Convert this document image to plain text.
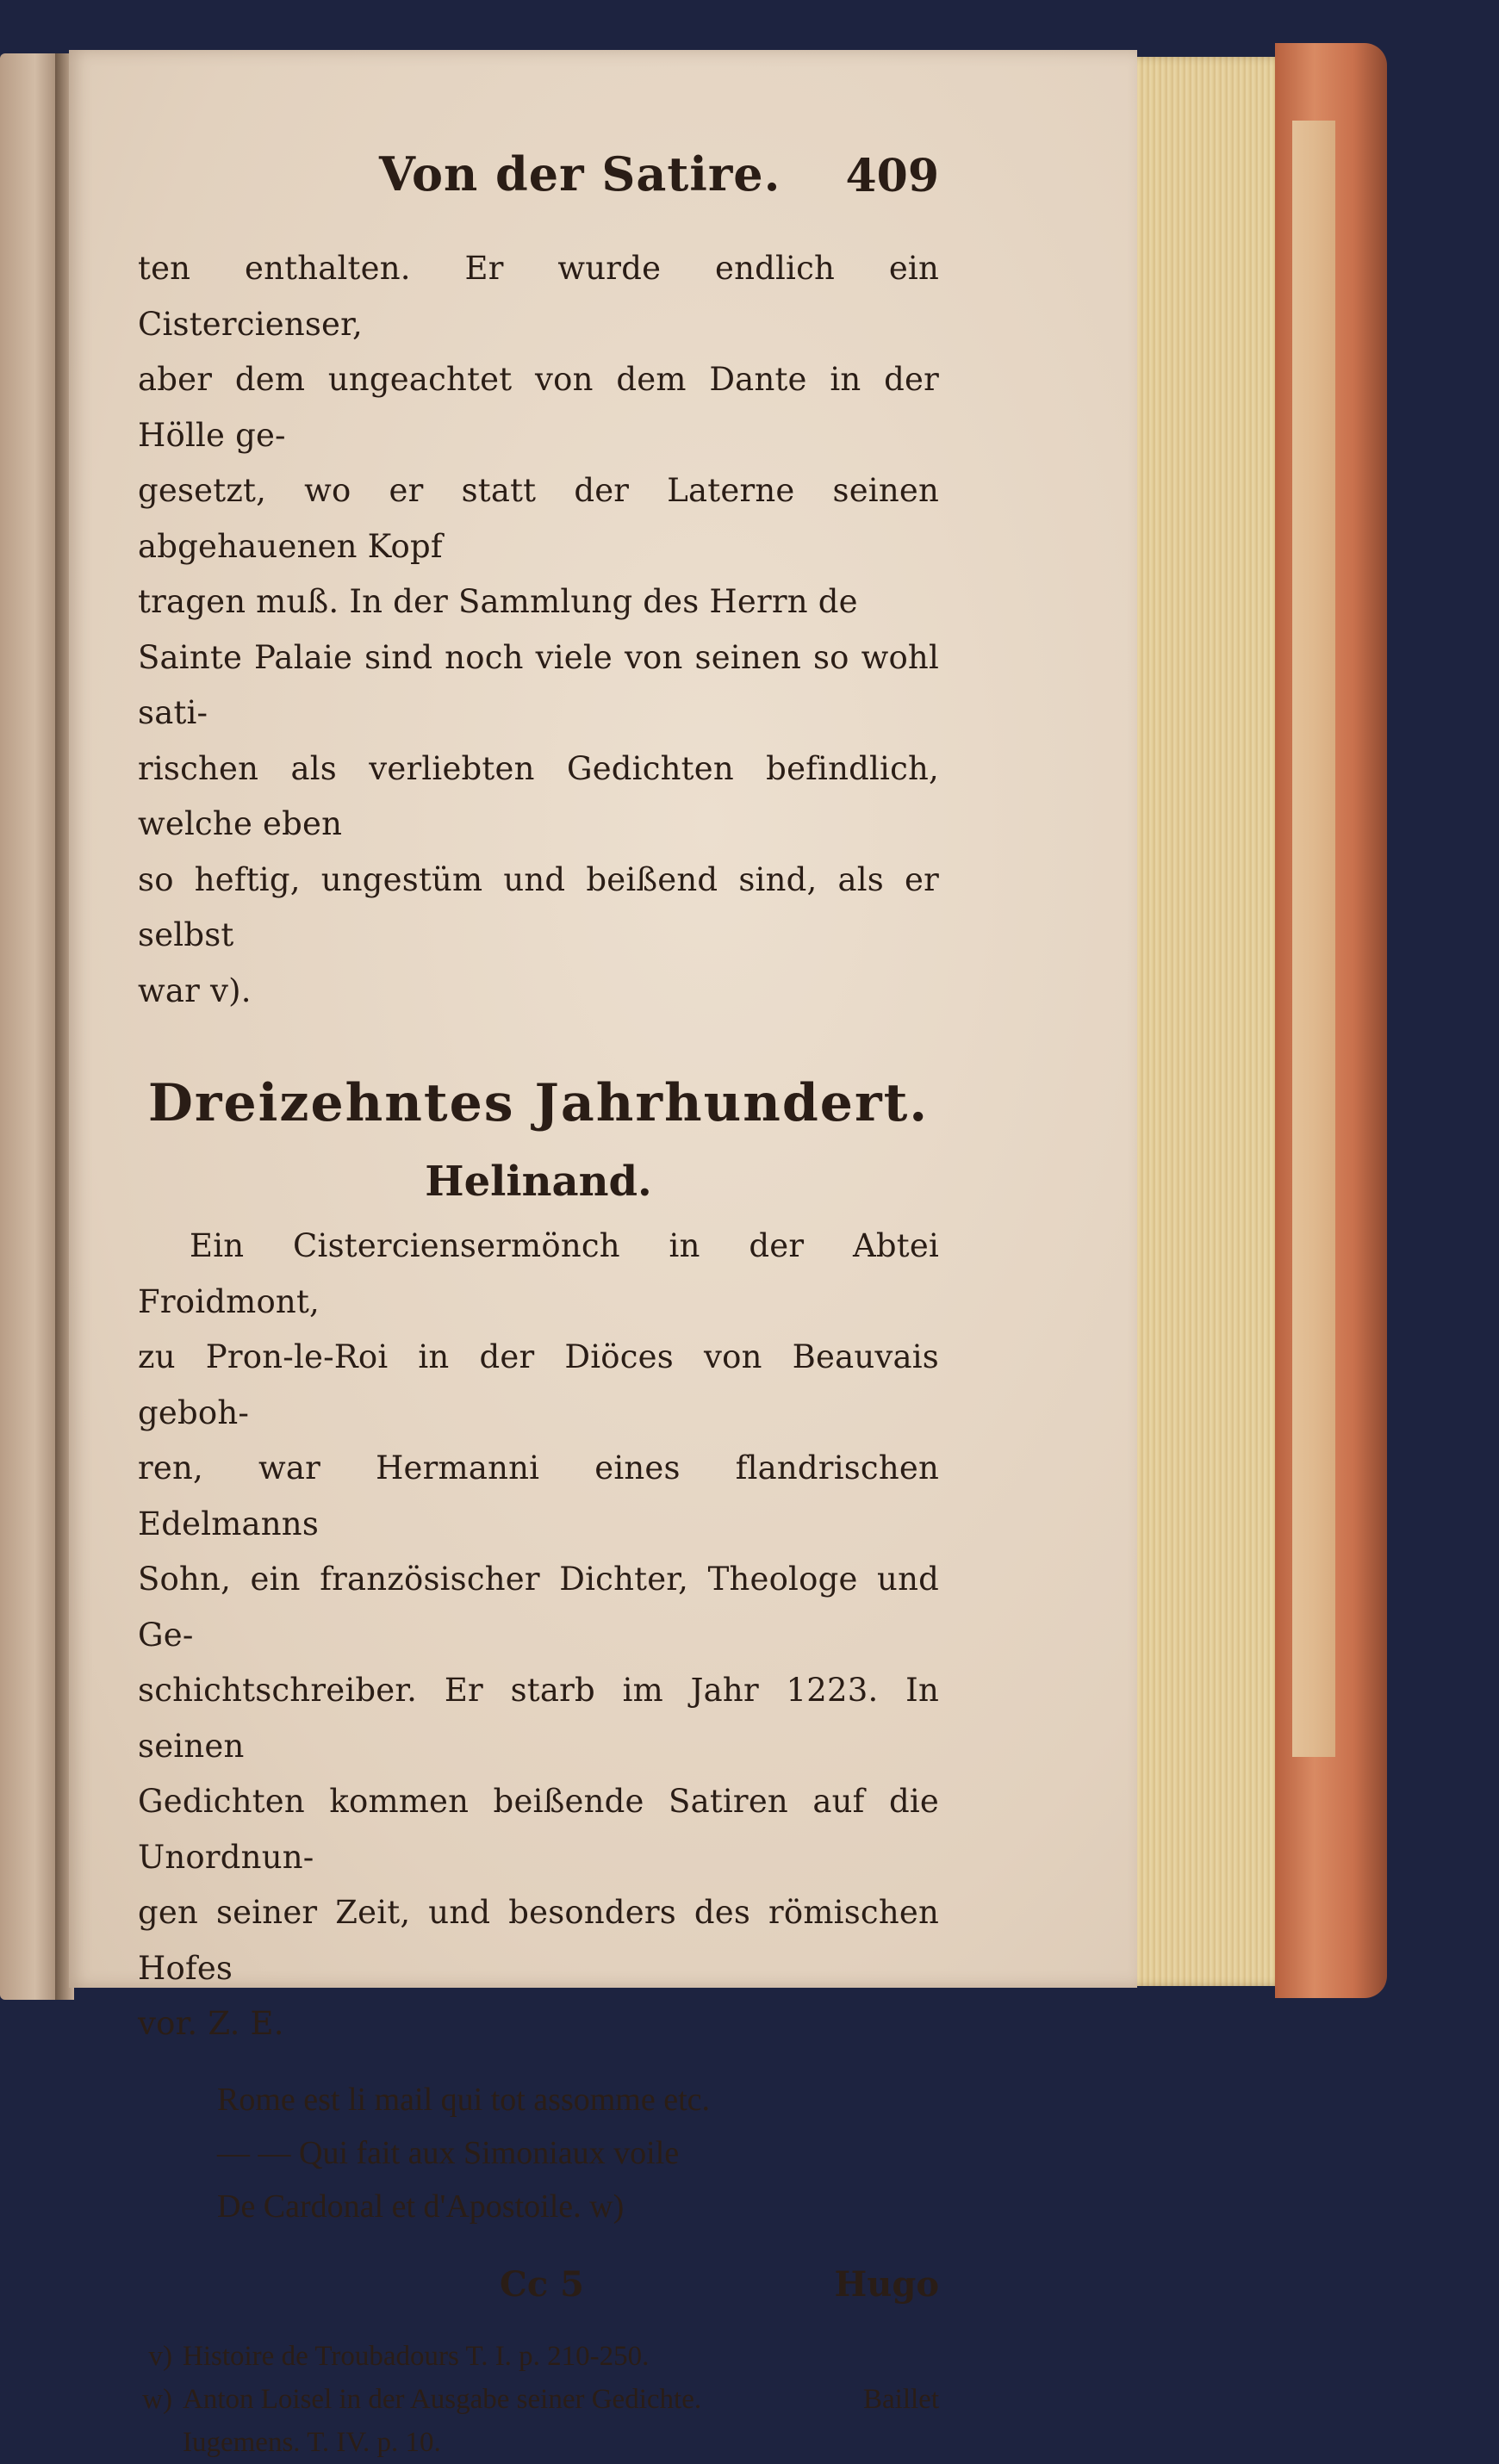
Von der Satire. 409

ten enthalten. Er wurde endlich ein Cistercienser,
aber dem ungeachtet von dem Dante in der Hölle ge-
gesetzt, wo er statt der Laterne seinen abgehauenen Kopf
tragen muß. In der Sammlung des Herrn de
Sainte Palaie sind noch viele von seinen so wohl sati-
rischen als verliebten Gedichten befindlich, welche eben
so heftig, ungestüm und beißend sind, als er selbst
war v).

Dreizehntes Jahrhundert.
Helinand.

Ein Cisterciensermönch in der Abtei Froidmont,
zu Pron-le-Roi in der Diöces von Beauvais geboh-
ren, war Hermanni eines flandrischen Edelmanns
Sohn, ein französischer Dichter, Theologe und Ge-
schichtschreiber. Er starb im Jahr 1223. In seinen
Gedichten kommen beißende Satiren auf die Unordnun-
gen seiner Zeit, und besonders des römischen Hofes
vor. Z. E.

Rome est li mail qui tot assomme etc.
— — Qui fait aux Simoniaux voile
De Cardonal et d'Apostoile. w)
Cc 5	Hugo
v) Histoire de Troubadours T. I. p. 210-250.
w) Anton Loisel in der Ausgabe seiner Gedichte.	Baillet
Iugemens. T. IV. p. 10.
